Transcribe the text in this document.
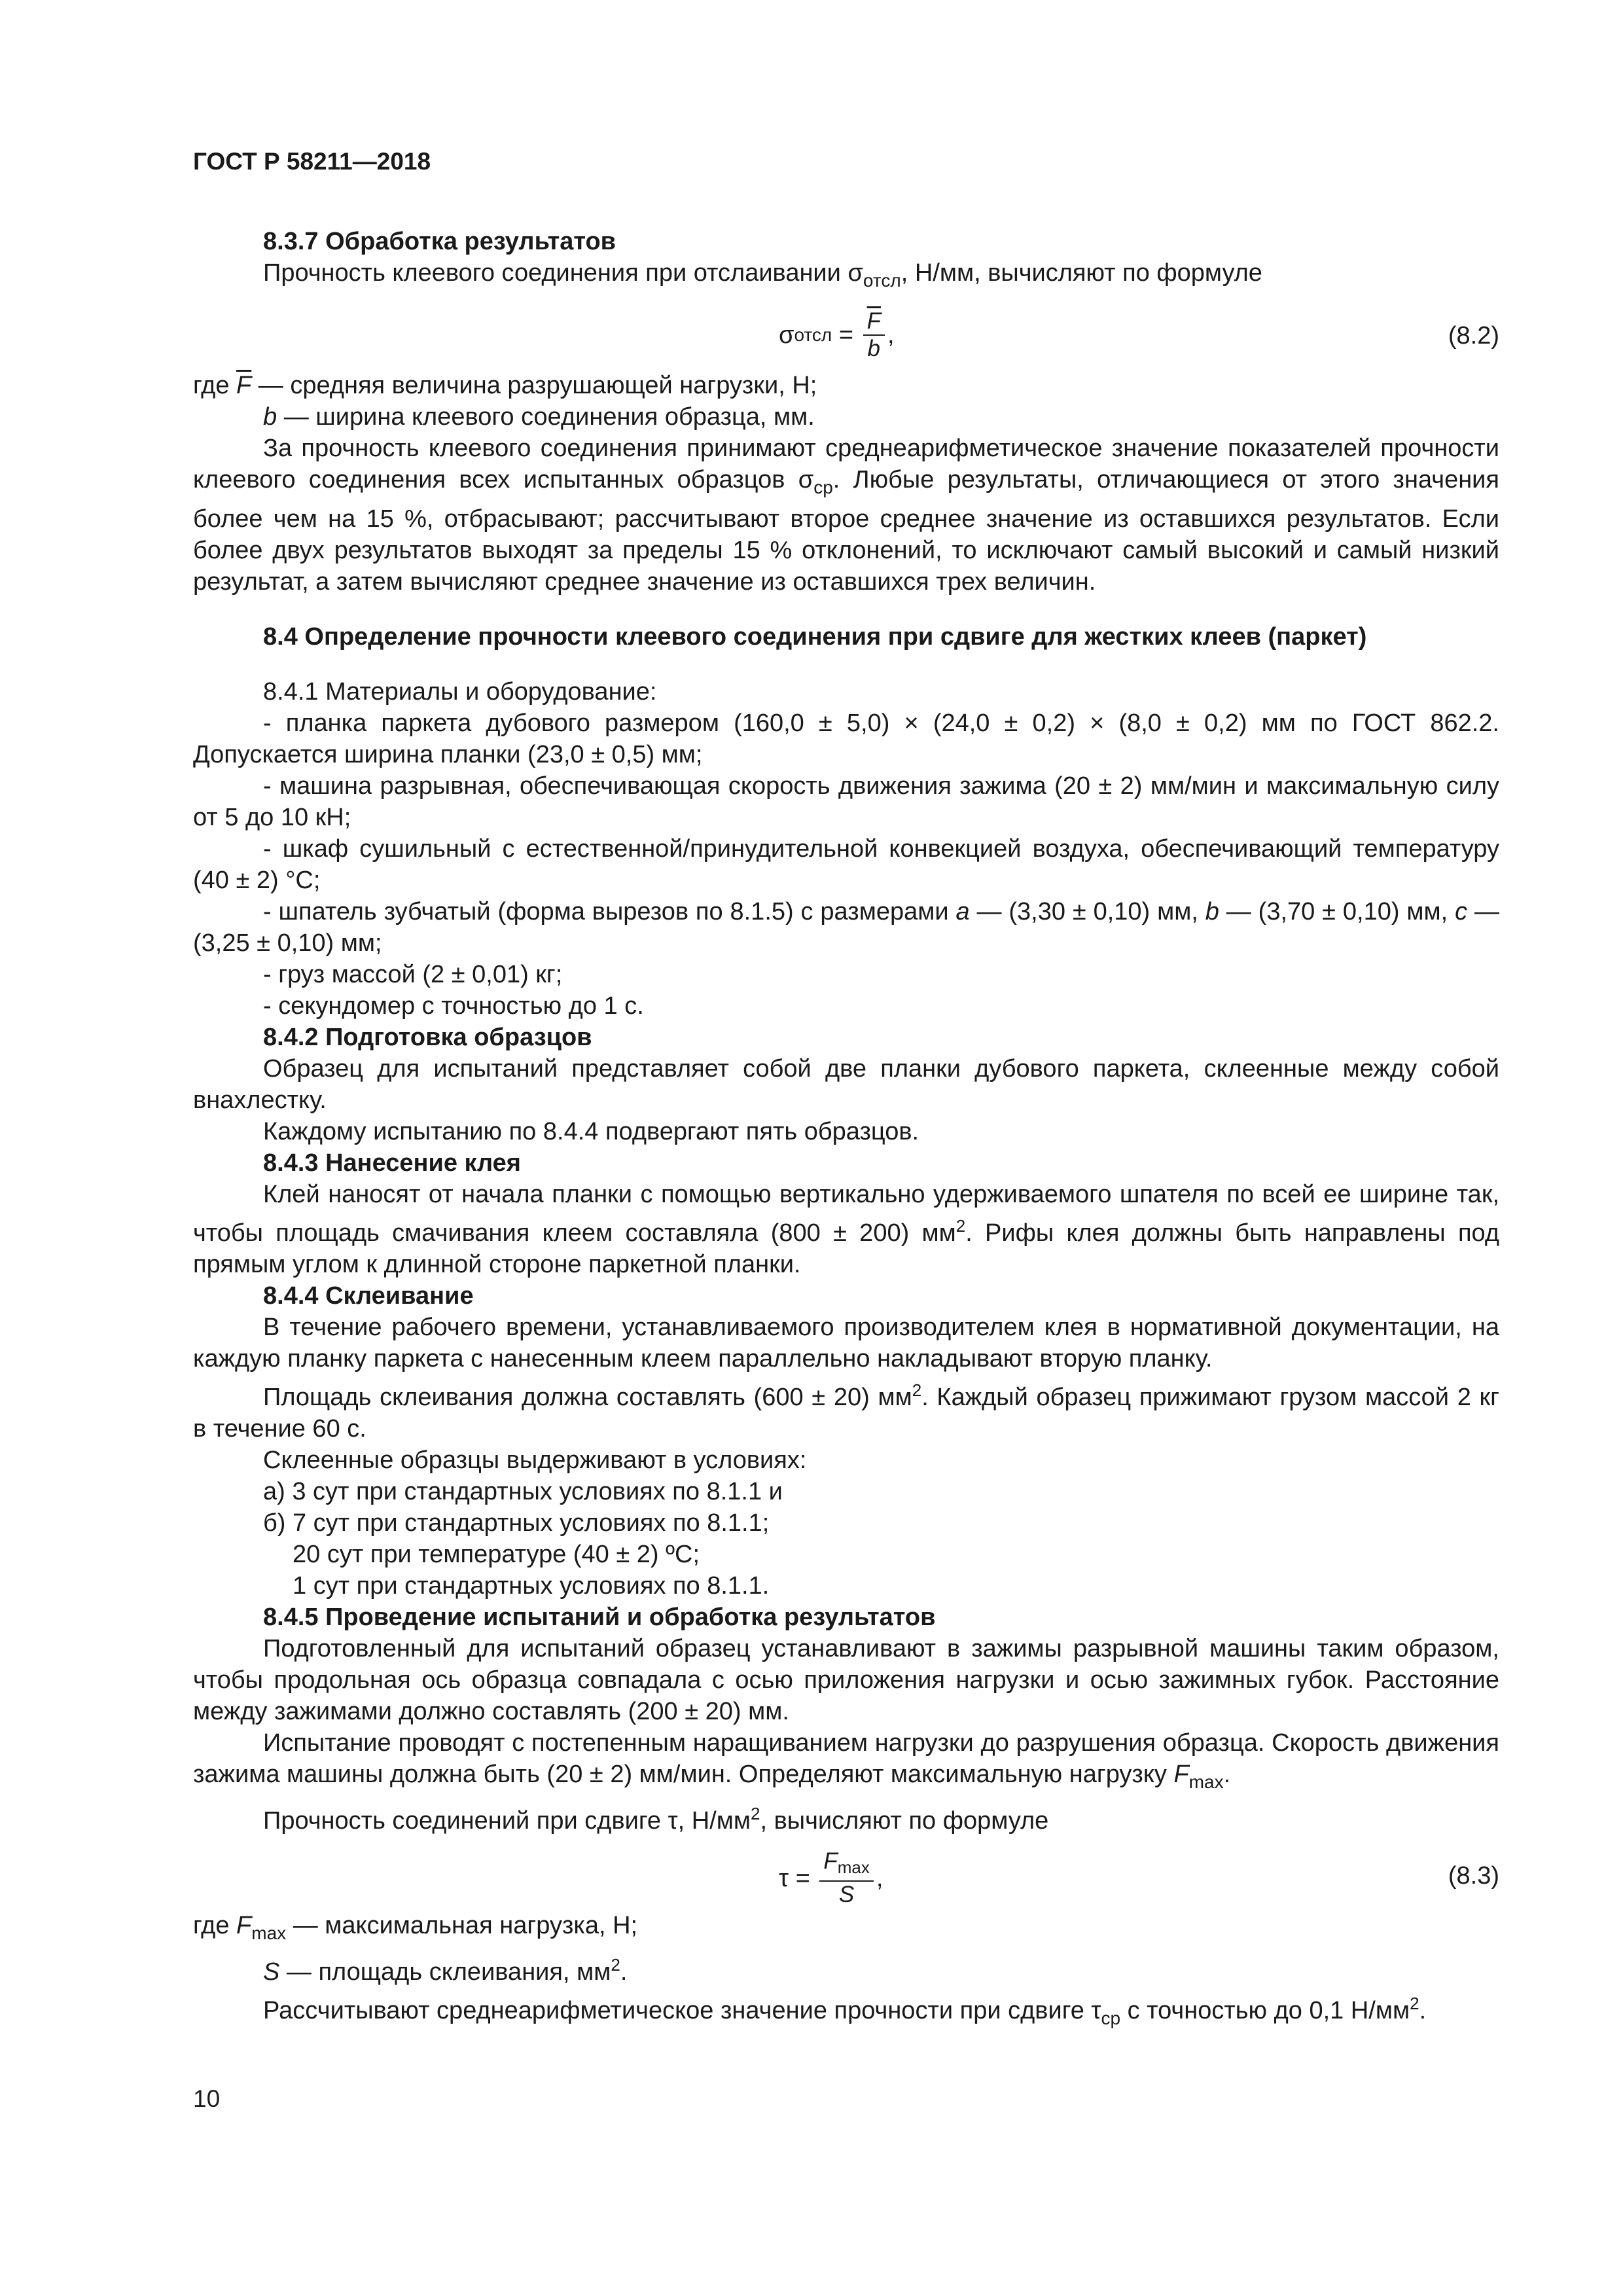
ГОСТ Р 58211—2018

8.3.7 Обработка результатов

Прочность клеевого соединения при отслаивании $\sigma_{отсл}$, Н/мм, вычисляют по формуле

σ отсл = $\frac{\overline{F}}{b}$ ,	(8.2)

где $\overline{F}$ — средняя величина разрушающей нагрузки, Н;

b — ширина клеевого соединения образца, мм.

За прочность клеевого соединения принимают среднеарифметическое значение показателей прочности клеевого соединения всех испытанных образцов $\sigma_{ср}$. Любые результаты, отличающиеся от этого значения более чем на 15 %, отбрасывают; рассчитывают второе среднее значение из оставшихся результатов. Если более двух результатов выходят за пределы 15 % отклонений, то исключают самый высокий и самый низкий результат, а затем вычисляют среднее значение из оставшихся трех величин.

8.4 Определение прочности клеевого соединения при сдвиге для жестких клеев (паркет)

8.4.1 Материалы и оборудование:

- планка паркета дубового размером (160,0 ± 5,0) × (24,0 ± 0,2) × (8,0 ± 0,2) мм по ГОСТ 862.2. Допускается ширина планки (23,0 ± 0,5) мм;

- машина разрывная, обеспечивающая скорость движения зажима (20 ± 2) мм/мин и максимальную силу от 5 до 10 кН;

- шкаф сушильный с естественной/принудительной конвекцией воздуха, обеспечивающий температуру (40 ± 2) °С;

- шпатель зубчатый (форма вырезов по 8.1.5) с размерами a — (3,30 ± 0,10) мм, b — (3,70 ± 0,10) мм, c — (3,25 ± 0,10) мм;

- груз массой (2 ± 0,01) кг;

- секундомер с точностью до 1 с.

8.4.2 Подготовка образцов

Образец для испытаний представляет собой две планки дубового паркета, склеенные между собой внахлестку.

Каждому испытанию по 8.4.4 подвергают пять образцов.

8.4.3 Нанесение клея

Клей наносят от начала планки с помощью вертикально удерживаемого шпателя по всей ее ширине так, чтобы площадь смачивания клеем составляла (800 ± 200) $мм^2$. Рифы клея должны быть направлены под прямым углом к длинной стороне паркетной планки.

8.4.4 Склеивание

В течение рабочего времени, устанавливаемого производителем клея в нормативной документации, на каждую планку паркета с нанесенным клеем параллельно накладывают вторую планку.

Площадь склеивания должна составлять (600 ± 20) $мм^2$. Каждый образец прижимают грузом массой 2 кг в течение 60 с.

Склеенные образцы выдерживают в условиях:

а) 3 сут при стандартных условиях по 8.1.1 и

б) 7 сут при стандартных условиях по 8.1.1;

20 сут при температуре (40 ± 2) ºС;

1 сут при стандартных условиях по 8.1.1.

8.4.5 Проведение испытаний и обработка результатов

Подготовленный для испытаний образец устанавливают в зажимы разрывной машины таким образом, чтобы продольная ось образца совпадала с осью приложения нагрузки и осью зажимных губок. Расстояние между зажимами должно составлять (200 ± 20) мм.

Испытание проводят с постепенным наращиванием нагрузки до разрушения образца. Скорость движения зажима машины должна быть (20 ± 2) мм/мин. Определяют максимальную нагрузку $F_{max}$.

Прочность соединений при сдвиге τ, $Н/мм^2$, вычисляют по формуле

$\tau = \frac{F_{max}}{S}$ ,	(8.3)

где $F_{max}$ — максимальная нагрузка, Н;

S — площадь склеивания, $мм^2$.

Рассчитывают среднеарифметическое значение прочности при сдвиге $\tau_{ср}$ с точностью до 0,1 $Н/мм^2$.

10
